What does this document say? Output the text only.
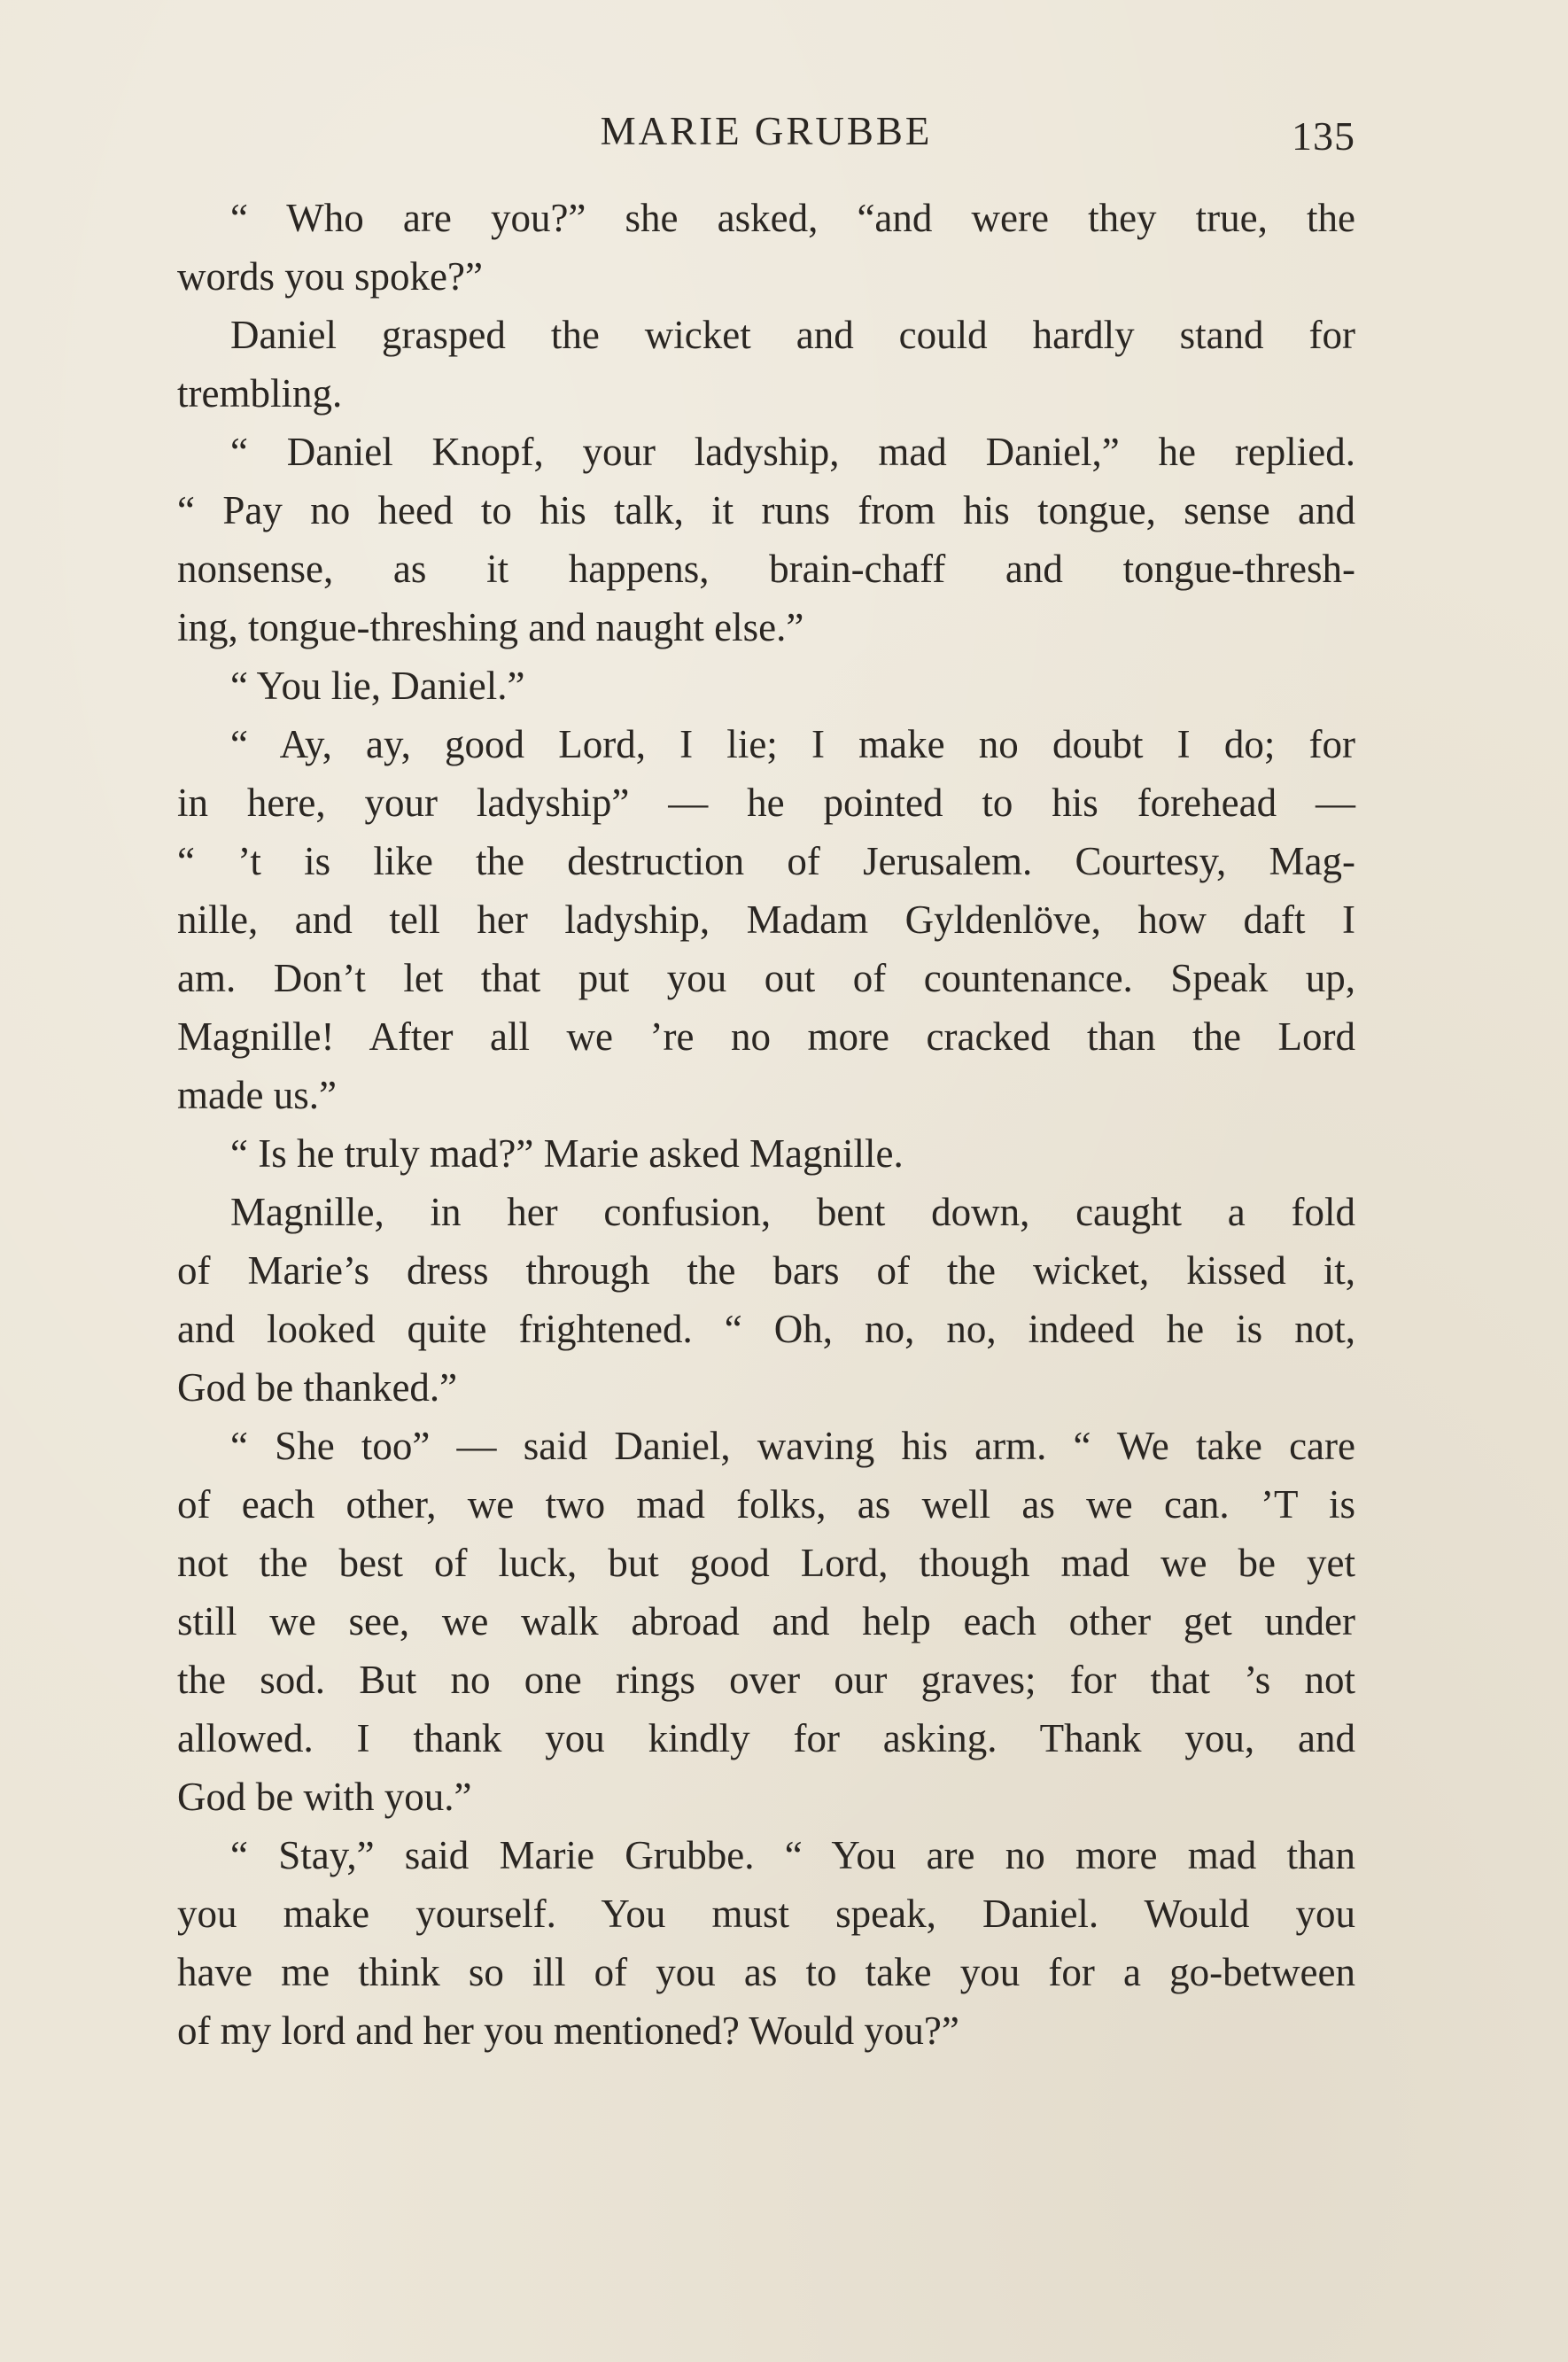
MARIE GRUBBE	135
“ Who are you?” she asked, “and were they true, the
words you spoke?”
Daniel grasped the wicket and could hardly stand for
trembling.
“ Daniel Knopf, your ladyship, mad Daniel,” he replied.
“ Pay no heed to his talk, it runs from his tongue, sense and
nonsense, as it happens, brain-chaff and tongue-thresh-
ing, tongue-threshing and naught else.”
“ You lie, Daniel.”
“ Ay, ay, good Lord, I lie; I make no doubt I do; for
in here, your ladyship” — he pointed to his forehead —
“ ’t is like the destruction of Jerusalem. Courtesy, Mag-
nille, and tell her ladyship, Madam Gyldenlöve, how daft I
am. Don’t let that put you out of countenance. Speak up,
Magnille! After all we ’re no more cracked than the Lord
made us.”
“ Is he truly mad?” Marie asked Magnille.
Magnille, in her confusion, bent down, caught a fold
of Marie’s dress through the bars of the wicket, kissed it,
and looked quite frightened. “ Oh, no, no, indeed he is not,
God be thanked.”
“ She too” — said Daniel, waving his arm. “ We take care
of each other, we two mad folks, as well as we can. ’T is
not the best of luck, but good Lord, though mad we be yet
still we see, we walk abroad and help each other get under
the sod. But no one rings over our graves; for that ’s not
allowed. I thank you kindly for asking. Thank you, and
God be with you.”
“ Stay,” said Marie Grubbe. “ You are no more mad than
you make yourself. You must speak, Daniel. Would you
have me think so ill of you as to take you for a go-between
of my lord and her you mentioned? Would you?”
